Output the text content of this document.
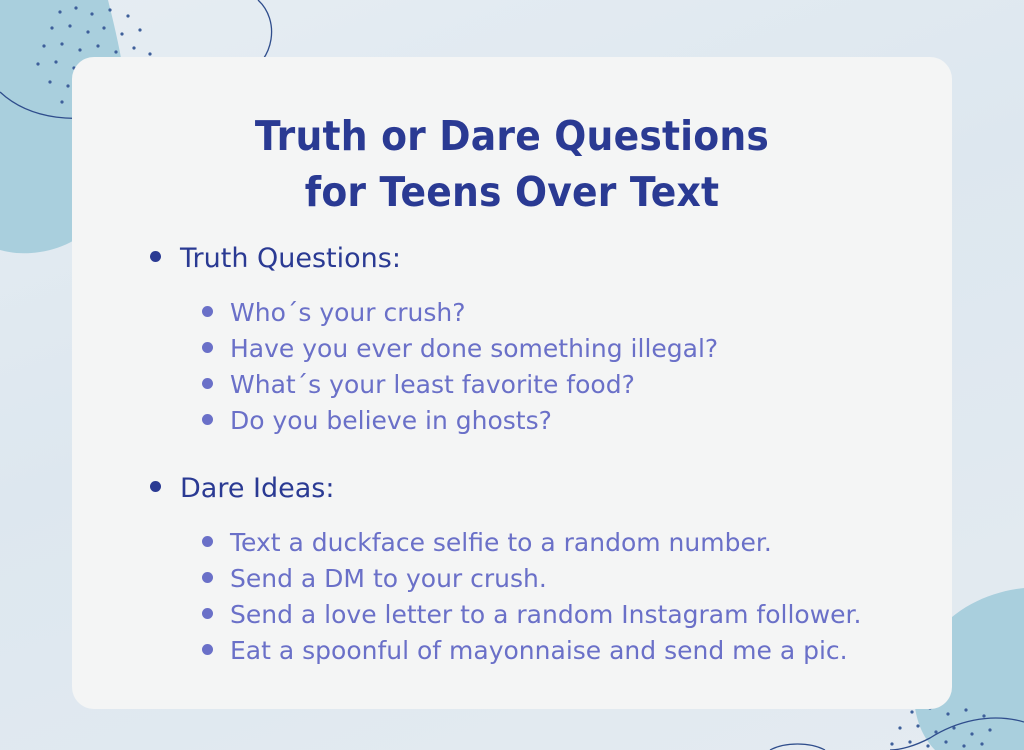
Truth or Dare Questions
for Teens Over Text
Truth Questions:
Who´s your crush?
Have you ever done something illegal?
What´s your least favorite food?
Do you believe in ghosts?
Dare Ideas:
Text a duckface selfie to a random number.
Send a DM to your crush.
Send a love letter to a random Instagram follower.
Eat a spoonful of mayonnaise and send me a pic.
